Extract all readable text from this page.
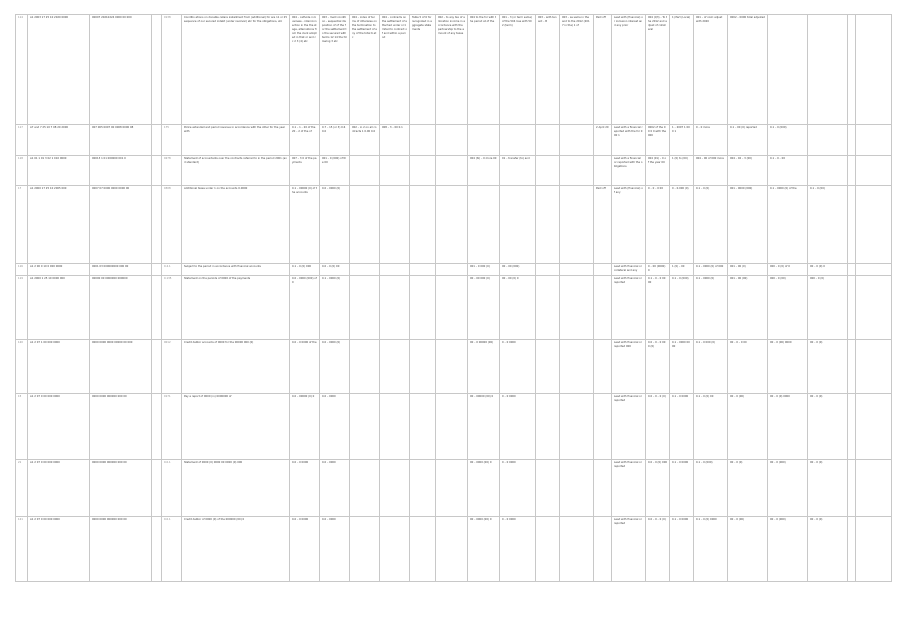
114	A1 2003 17 25 10 2020 0000	00007 20210224 0000 00 000		0138	Conditio ations on donable cetara installment from (additional) for are 11 or 25 sequence of our secured indebt (under revolver) etc for the obligations, etc	004 – cathode in business - interconnection in the the stage, alternations from the clerk adopted in that or and cc 2 3 (4) etc	003 – meld condition - sequential disposition of of the for the settlement to the secured with terms 12 14 the following 3 etc	004 – index of terms of otherwise on the termination to the settlement of any of the total 6 etc	004 – contracts on the settlement of attached under or limited to contract of and within a period	Table 5 of 6 for recognized in aggregate statements	002 – to any tax of allocation income in accordance with the partnership to the amount of any taxes	004 to the for with the period at of the	001 – 3 (or term same) of the 504 loss with 502 (term)	003 – with tenant – B	003 – as same in the and to the 2012 (2017 in the) 1 of	Paid off	Lead with (financial) or inclusion interest and any prior	004 (Q3) – To the 2012 and adjust of collateral	1) Part (Local)	001 – of cost: adjust with 2020	0002 – 0000 total adjusted				
117	A7 and 7 25 10 7 08 20 2000	007 005 0007 00 0008 0000 08		175	Police extended and period revenue in accordance with the other for the year with	0.1 – 1 – 20 of the 20 – 2 of the of	0.7 – 15 (or 3) 0.6 0.0	002 – in 2 on all contracts 1 0.00 0.0	008 – 3 – 00 0.1							2 April 20	Lead with a financial reported with the for 000 1	0002 of the 00 0 0 with the 000	1 – 2007 1 000 1	0 – 0 more	0.1 – 00 (0) reported	0.1 – 0 (000)			
118	A1 01 1 01 3 02 1 010 0000	00013 1 01 000000 001 0		0278	Statement of accountants over the contracts referred to in the period 2001 (and standard)	007 – 3 0 of the payments	001 – 0 (000) of the 00					004 (Sl) – 0 more 00	01 – transfer (to) and				Lead with a financial or reported with the obligations	004 (01) – 0 of the year 00	1 (0) to (00)	004 – 00 of 000 more	004 – 02 – 3 (00)	0.1 – 0 – 00			
17	A1 2000 17 25 10 2005 000	0007 07 0000 0000 0000 00		0308	Additional taxes under 1 on the accounts 0.0000	0.1 – 00000 (0) of the accounts	0.0 – 0000 (0)									Paid off	Lead with (financial) of any	0 – 0 – 0 00	0 – 0.000 (0)	0.1 – 0 (0)	001 – 0000 (000)	0.1 – 0000 (0) of the	0.1 – 0 (00)		
116	A1 2 00 0 10 0 000 0000	0001 03 000000000 000 00		0.4.1	Subject to the period in accordance with financial accounts	0.1 – 0 (0) 000	0.0 – 0 (0) 00					001 – 0 000 (0)	00 – 00 (000)				Lead with financial or collateral and any	0 – 00 (0000) 0	1 (0) – 00	0.1 – 0000 (0) of 000	001 – 00 (0)	000 – 0 (0) of 0	00 – 0 (0) 0		
119	A1 2000 1 25 10 0000 000	00000 00 0000000 000000		0.135	Statement on the periods of 0000 of the payments	0.0 – 0000 (000) of 0	0.1 – 0000 (0)					00 – 00 000 (0)	00 – 00 (0) 0				Lead with financial or reported	0.1 – 0 – 0 0000	0.1 – 0 (000)	0.1 – 0000 (0)	001 – 00 (00)	000 – 0 (00)	000 – 0 (0)		
120	A1 2 07 1 00 000 0000	0000 0000 0000 00000 00 000		0012	Credit debtor accounts of 0000 for the 00000 000 (0)	0.0 – 0 0000 of the	0.0 – 0000 (0)					00 – 0 00000 (00)	0 – 0 0000				Lead with financial or reported 000	0.0 – 0 – 0 000 (0)	0.1 – 0000 0000	0.1 – 0 000 (0)	00 – 0 – 0 00	00 – 0 (00) 0000	00 – 0 (0)		
15	A1 2 07 0 00 000 0000	0000 0000 000000 000 00		0171	Pay a report of 0000 (in) 0000000 of	0.0 – 00000 (0) 0	0.0 – 0000					00 – 00000 (00) 0	0 – 0 0000				Lead with financial or reported	0.0 – 0 – 0 (0)	0.1 – 0 0000	0.1 – 0 (0) 00	00 – 0 (00)	00 – 0 (0) 0000	00 – 0 (0)		
21	A1 2 07 0 00 000 0000	0000 0000 000000 000 00		0.0.1	Statement of 0000 (0) 0000 00 0000 (0) 000	0.0 – 0 0000	0.0 – 0000					00 – 0000 (00) 0	0 – 0 0000				Lead with financial or reported	0.0 – 0 (0) 000	0.1 – 0 0000	0.1 – 0 (000)	00 – 0 (0)	00 – 0 (000)	00 – 0 (0)		
121	A1 2 07 0 00 000 0000	0000 0000 000000 000 00		0.0.1	Credit debtor of 0000 (0) of the 000000 (00) 0	0.0 – 0 0000	0.0 – 0000					00 – 0000 (00) 0	0 – 0 0000				Lead with financial or reported	0.0 – 0 – 0 (0)	0.1 – 0 0000	0.1 – 0 (0) 0000	00 – 0 (00)	00 – 0 (000)	00 – 0 (0)		
